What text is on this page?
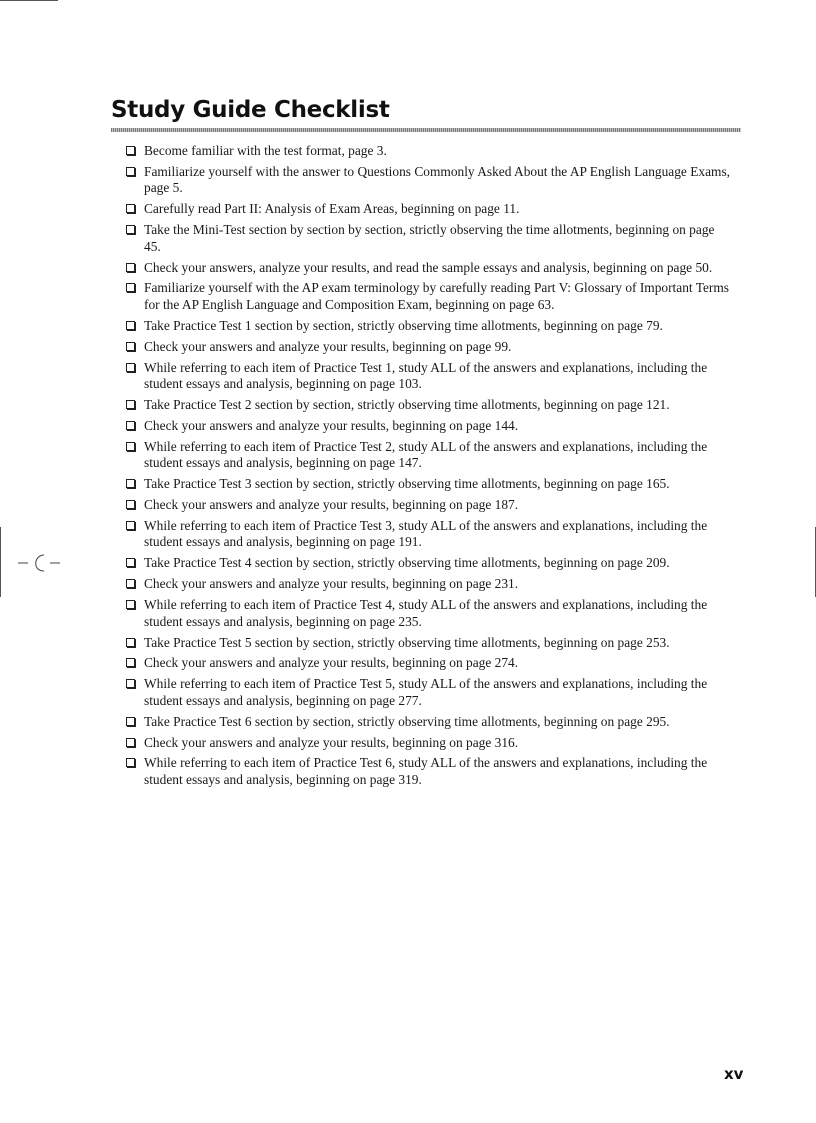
Study Guide Checklist
Become familiar with the test format, page 3.
Familiarize yourself with the answer to Questions Commonly Asked About the AP English Language Exams, page 5.
Carefully read Part II: Analysis of Exam Areas, beginning on page 11.
Take the Mini-Test section by section by section, strictly observing the time allotments, beginning on page 45.
Check your answers, analyze your results, and read the sample essays and analysis, beginning on page 50.
Familiarize yourself with the AP exam terminology by carefully reading Part V: Glossary of Important Terms for the AP English Language and Composition Exam, beginning on page 63.
Take Practice Test 1 section by section, strictly observing time allotments, beginning on page 79.
Check your answers and analyze your results, beginning on page 99.
While referring to each item of Practice Test 1, study ALL of the answers and explanations, including the student essays and analysis, beginning on page 103.
Take Practice Test 2 section by section, strictly observing time allotments, beginning on page 121.
Check your answers and analyze your results, beginning on page 144.
While referring to each item of Practice Test 2, study ALL of the answers and explanations, including the student essays and analysis, beginning on page 147.
Take Practice Test 3 section by section, strictly observing time allotments, beginning on page 165.
Check your answers and analyze your results, beginning on page 187.
While referring to each item of Practice Test 3, study ALL of the answers and explanations, including the student essays and analysis, beginning on page 191.
Take Practice Test 4 section by section, strictly observing time allotments, beginning on page 209.
Check your answers and analyze your results, beginning on page 231.
While referring to each item of Practice Test 4, study ALL of the answers and explanations, including the student essays and analysis, beginning on page 235.
Take Practice Test 5 section by section, strictly observing time allotments, beginning on page 253.
Check your answers and analyze your results, beginning on page 274.
While referring to each item of Practice Test 5, study ALL of the answers and explanations, including the student essays and analysis, beginning on page 277.
Take Practice Test 6 section by section, strictly observing time allotments, beginning on page 295.
Check your answers and analyze your results, beginning on page 316.
While referring to each item of Practice Test 6, study ALL of the answers and explanations, including the student essays and analysis, beginning on page 319.
xv
